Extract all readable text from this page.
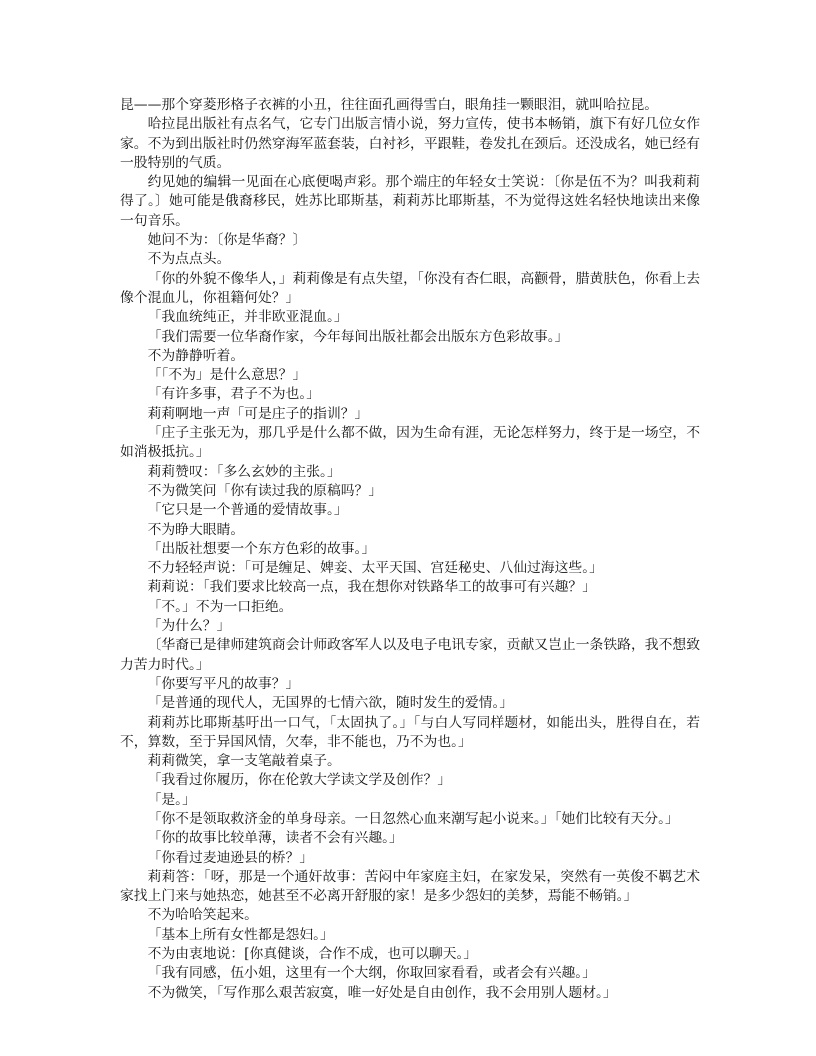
昆——那个穿菱形格子衣裤的小丑，往往面孔画得雪白，眼角挂一颗眼泪，就叫哈拉昆。

哈拉昆出版社有点名气，它专门出版言情小说，努力宣传，使书本畅销，旗下有好几位女作家。不为到出版社时仍然穿海军蓝套装，白衬衫，平跟鞋，卷发扎在颈后。还没成名，她已经有一股特别的气质。

约见她的编辑一见面在心底便喝声彩。那个端庄的年轻女士笑说：〔你是伍不为？叫我莉莉得了。〕她可能是俄裔移民，姓苏比耶斯基，莉莉苏比耶斯基，不为觉得这姓名轻快地读出来像一句音乐。

她问不为：〔你是华裔？〕

不为点点头。

「你的外貌不像华人，」莉莉像是有点失望，「你没有杏仁眼，高颧骨，腊黄肤色，你看上去像个混血儿，你祖籍何处？」

「我血统纯正，并非欧亚混血。」

「我们需要一位华裔作家，今年每间出版社都会出版东方色彩故事。」

不为静静听着。

「「不为」是什么意思？」

「有许多事，君子不为也。」

莉莉啊地一声「可是庄子的指训？」

「庄子主张无为，那几乎是什么都不做，因为生命有涯，无论怎样努力，终于是一场空，不如消极抵抗。」

莉莉赞叹：「多么玄妙的主张。」

不为微笑问「你有读过我的原稿吗？」

「它只是一个普通的爱情故事。」

不为睁大眼睛。

「出版社想要一个东方色彩的故事。」

不力轻轻声说：「可是缠足、婢妾、太平天国、宫廷秘史、八仙过海这些。」

莉莉说：「我们要求比较高一点，我在想你对铁路华工的故事可有兴趣？」

「不。」不为一口拒绝。

「为什么？」

〔华裔已是律师建筑商会计师政客军人以及电子电讯专家，贡献又岂止一条铁路，我不想致力苦力时代。」

「你要写平凡的故事？」

「是普通的现代人，无国界的七情六欲，随时发生的爱情。」

莉莉苏比耶斯基吁出一口气，「太固执了。」「与白人写同样题材，如能出头，胜得自在，若不，算数，至于异国风情，欠奉，非不能也，乃不为也。」

莉莉微笑，拿一支笔敲着桌子。

「我看过你履历，你在伦敦大学读文学及创作？」

「是。」

「你不是领取救济金的单身母亲。一日忽然心血来潮写起小说来。」「她们比较有天分。」

「你的故事比较单薄，读者不会有兴趣。」

「你看过麦迪逊县的桥？」

莉莉答：「呀，那是一个通奸故事：苦闷中年家庭主妇，在家发呆，突然有一英俊不羁艺术家找上门来与她热恋，她甚至不必离开舒服的家！是多少怨妇的美梦，焉能不畅销。」

不为哈哈笑起来。

「基本上所有女性都是怨妇。」

不为由衷地说：[你真健谈，合作不成，也可以聊天。」

「我有同感，伍小姐，这里有一个大纲，你取回家看看，或者会有兴趣。」

不为微笑，「写作那么艰苦寂寞，唯一好处是自由创作，我不会用别人题材。」
